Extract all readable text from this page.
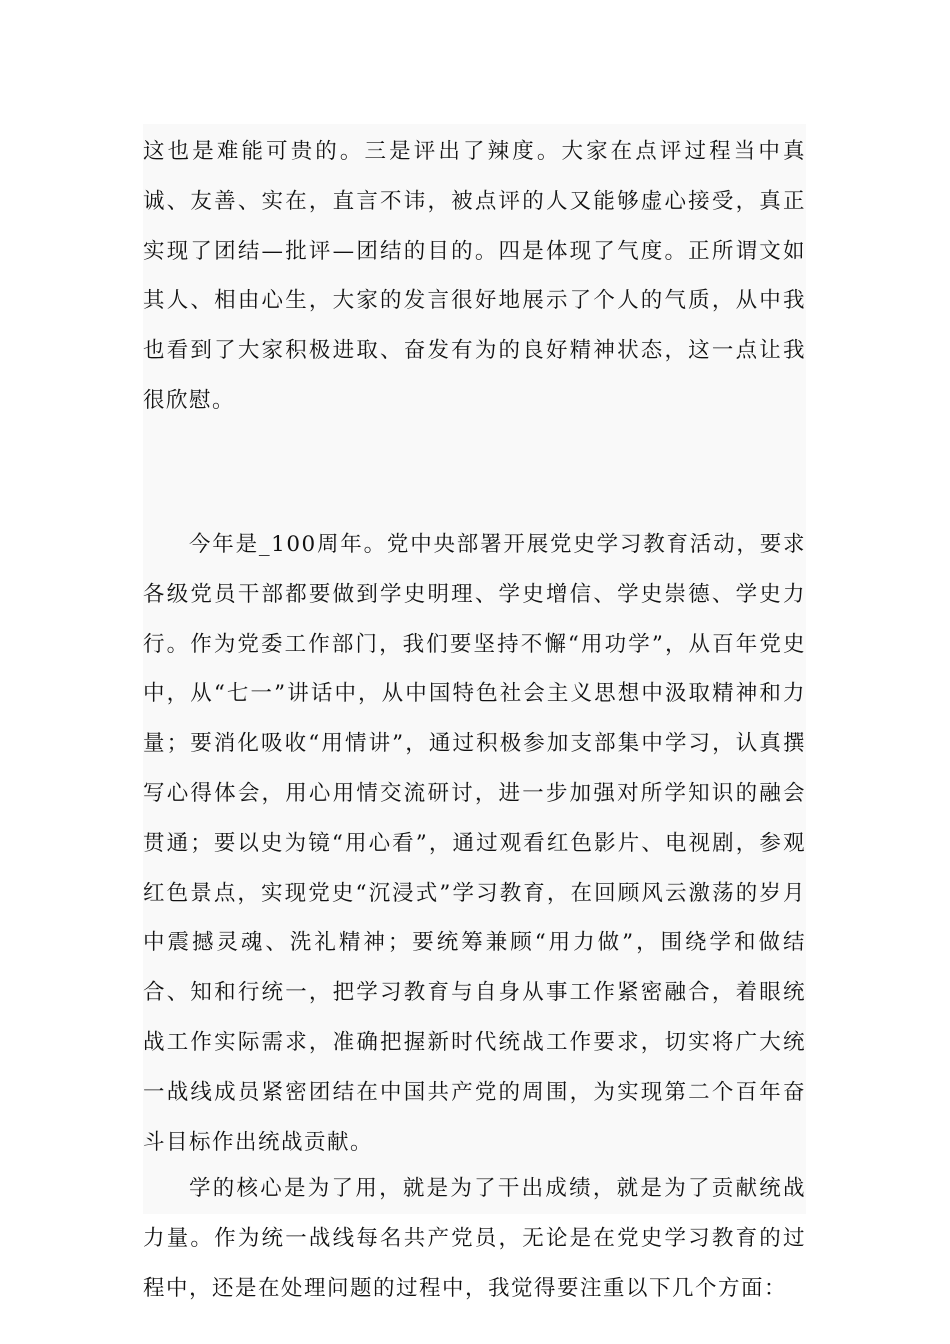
这也是难能可贵的。三是评出了辣度。大家在点评过程当中真诚、友善、实在，直言不讳，被点评的人又能够虚心接受，真正实现了团结—批评—团结的目的。四是体现了气度。正所谓文如其人、相由心生，大家的发言很好地展示了个人的气质，从中我也看到了大家积极进取、奋发有为的良好精神状态，这一点让我很欣慰。

今年是_100周年。党中央部署开展党史学习教育活动，要求各级党员干部都要做到学史明理、学史增信、学史崇德、学史力行。作为党委工作部门，我们要坚持不懈“用功学”，从百年党史中，从“七一”讲话中，从中国特色社会主义思想中汲取精神和力量；要消化吸收“用情讲”，通过积极参加支部集中学习，认真撰写心得体会，用心用情交流研讨，进一步加强对所学知识的融会贯通；要以史为镜“用心看”，通过观看红色影片、电视剧，参观红色景点，实现党史“沉浸式”学习教育，在回顾风云激荡的岁月中震撼灵魂、洗礼精神；要统筹兼顾“用力做”，围绕学和做结合、知和行统一，把学习教育与自身从事工作紧密融合，着眼统战工作实际需求，准确把握新时代统战工作要求，切实将广大统一战线成员紧密团结在中国共产党的周围，为实现第二个百年奋斗目标作出统战贡献。

学的核心是为了用，就是为了干出成绩，就是为了贡献统战力量。作为统一战线每名共产党员，无论是在党史学习教育的过程中，还是在处理问题的过程中，我觉得要注重以下几个方面：
